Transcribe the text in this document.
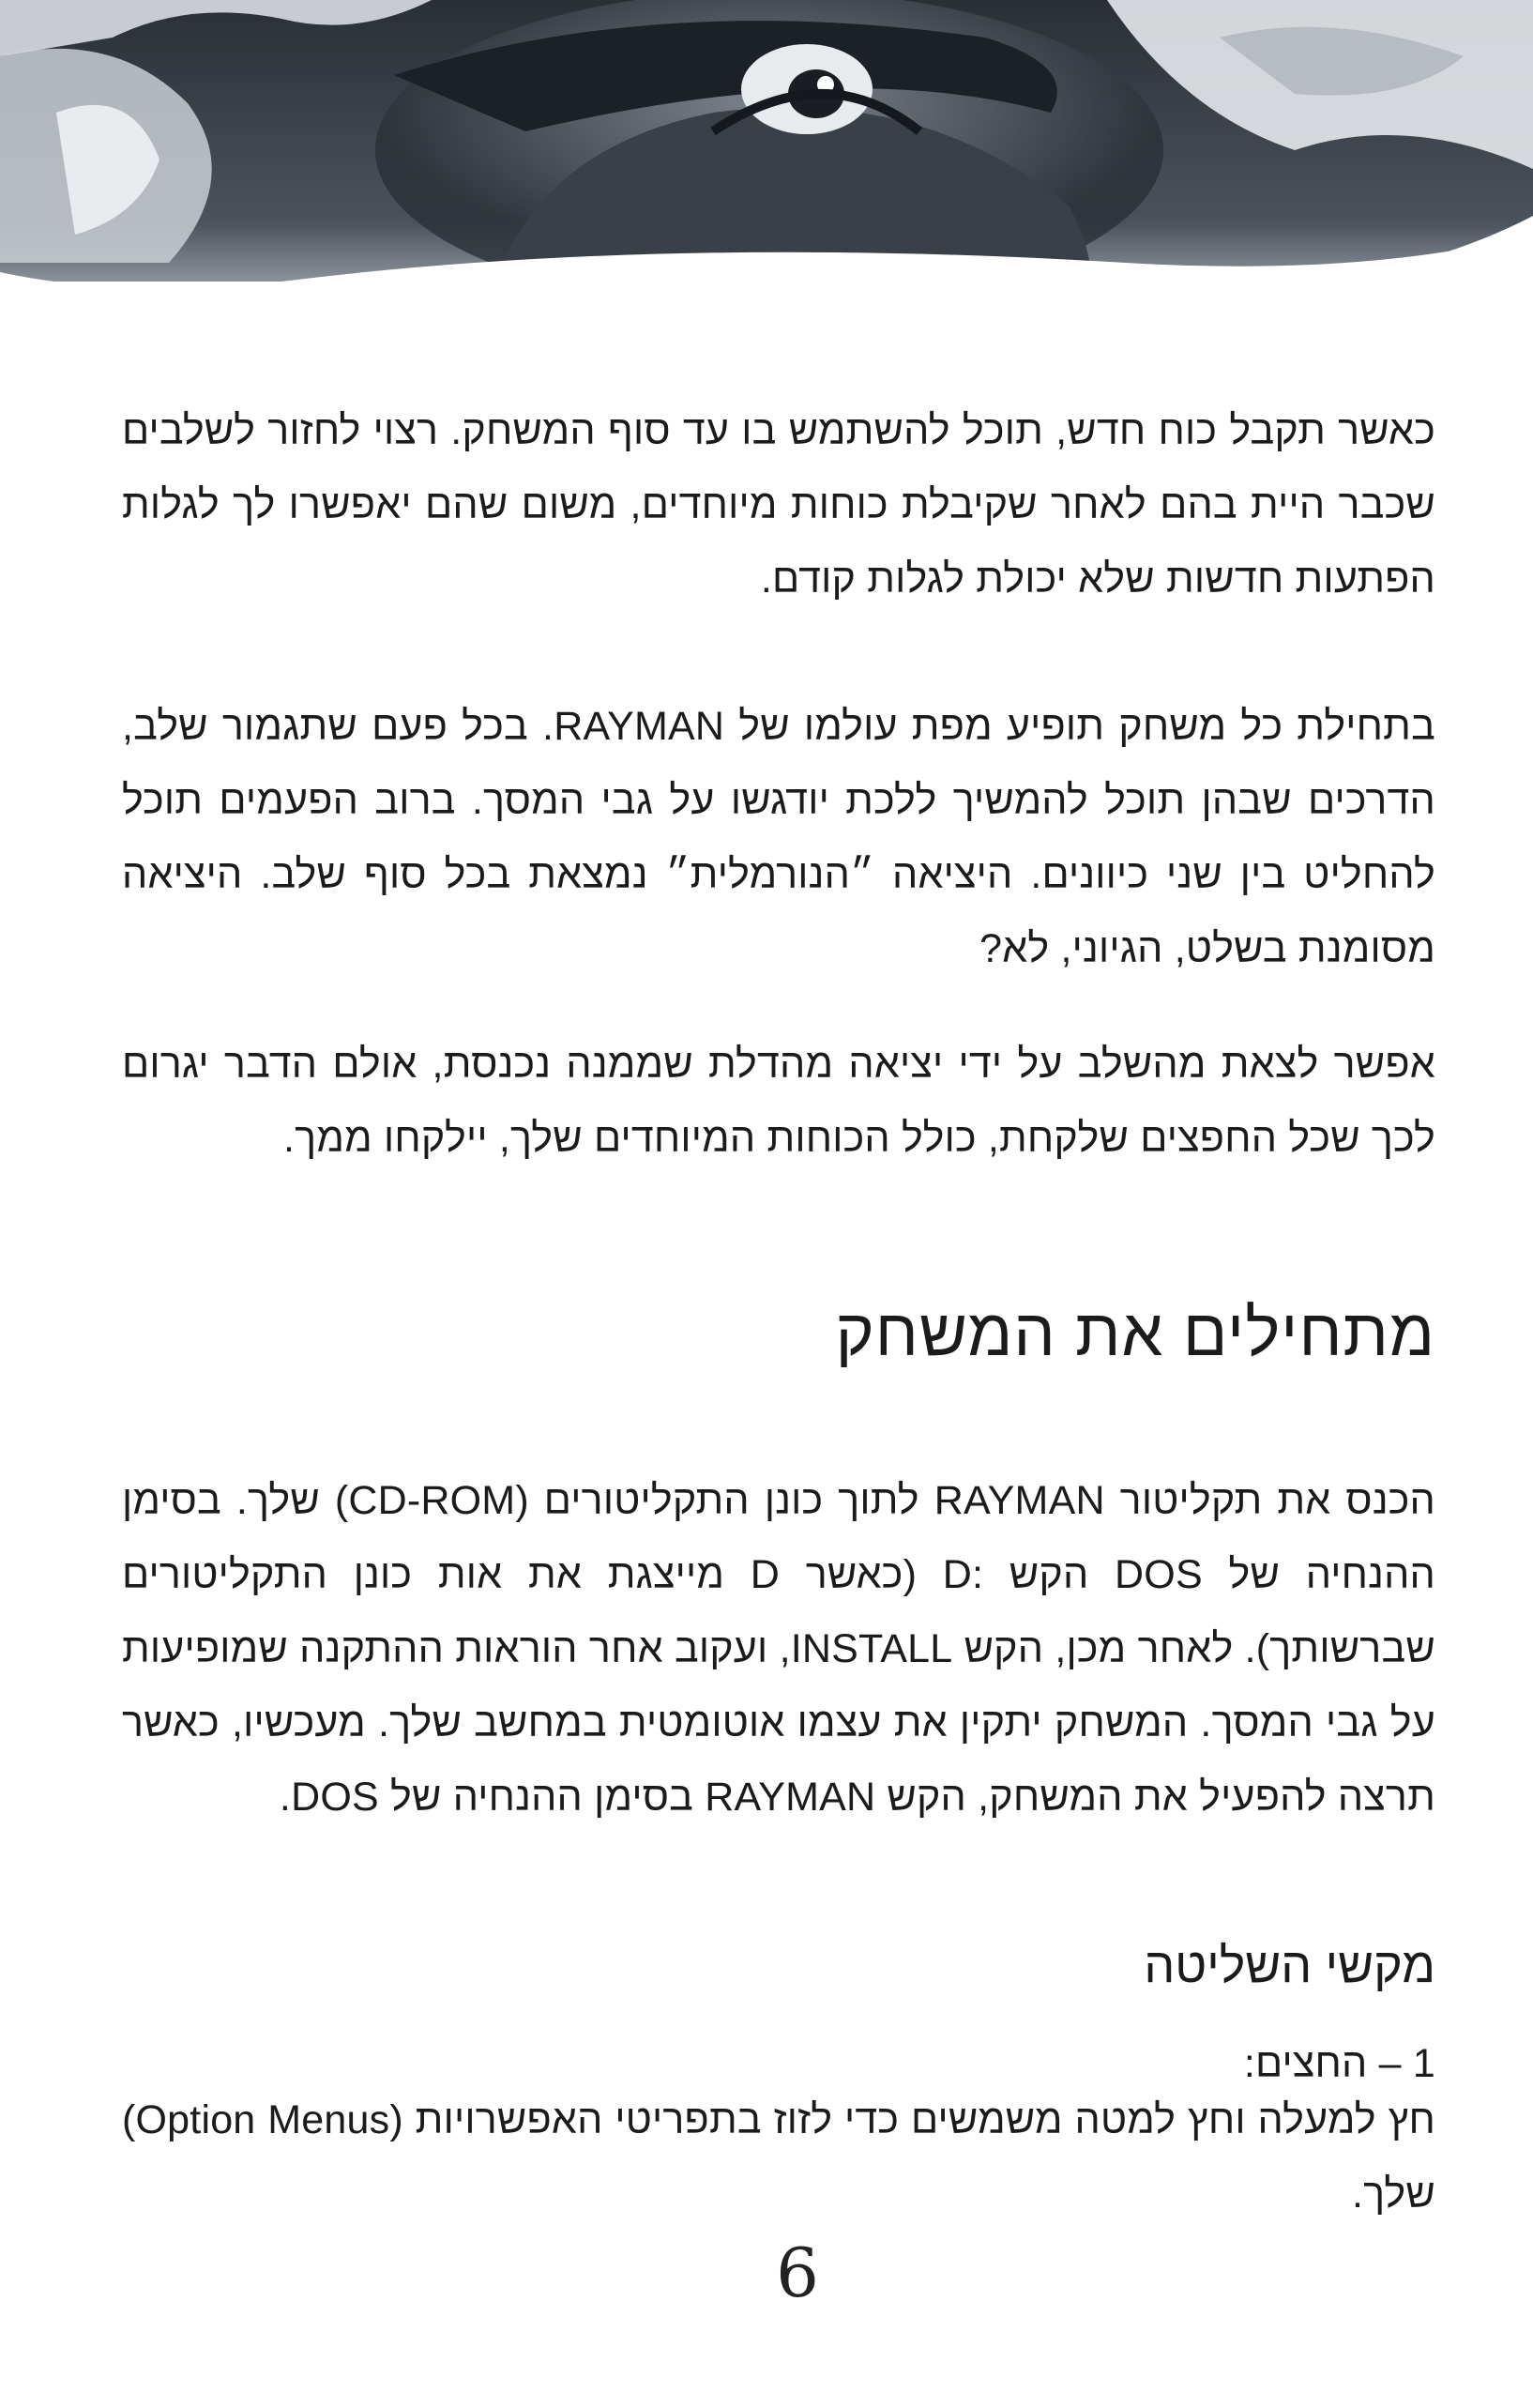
כאשר תקבל כוח חדש, תוכל להשתמש בו עד סוף המשחק. רצוי לחזור לשלבים שכבר היית בהם לאחר שקיבלת כוחות מיוחדים, משום שהם יאפשרו לך לגלות הפתעות חדשות שלא יכולת לגלות קודם.

בתחילת כל משחק תופיע מפת עולמו של RAYMAN. בכל פעם שתגמור שלב, הדרכים שבהן תוכל להמשיך ללכת יודגשו על גבי המסך. ברוב הפעמים תוכל להחליט בין שני כיוונים. היציאה ״הנורמלית״ נמצאת בכל סוף שלב. היציאה מסומנת בשלט, הגיוני, לא?

אפשר לצאת מהשלב על ידי יציאה מהדלת שממנה נכנסת, אולם הדבר יגרום לכך שכל החפצים שלקחת, כולל הכוחות המיוחדים שלך, יילקחו ממך.

מתחילים את המשחק

הכנס את תקליטור RAYMAN לתוך כונן התקליטורים (CD-ROM) שלך. בסימן ההנחיה של DOS הקש :D (כאשר D מייצגת את אות כונן התקליטורים שברשותך). לאחר מכן, הקש INSTALL, ועקוב אחר הוראות ההתקנה שמופיעות על גבי המסך. המשחק יתקין את עצמו אוטומטית במחשב שלך. מעכשיו, כאשר תרצה להפעיל את המשחק, הקש RAYMAN בסימן ההנחיה של DOS.

מקשי השליטה

1 – החצים:

חץ למעלה וחץ למטה משמשים כדי לזוז בתפריטי האפשרויות (Option Menus) שלך.

6
